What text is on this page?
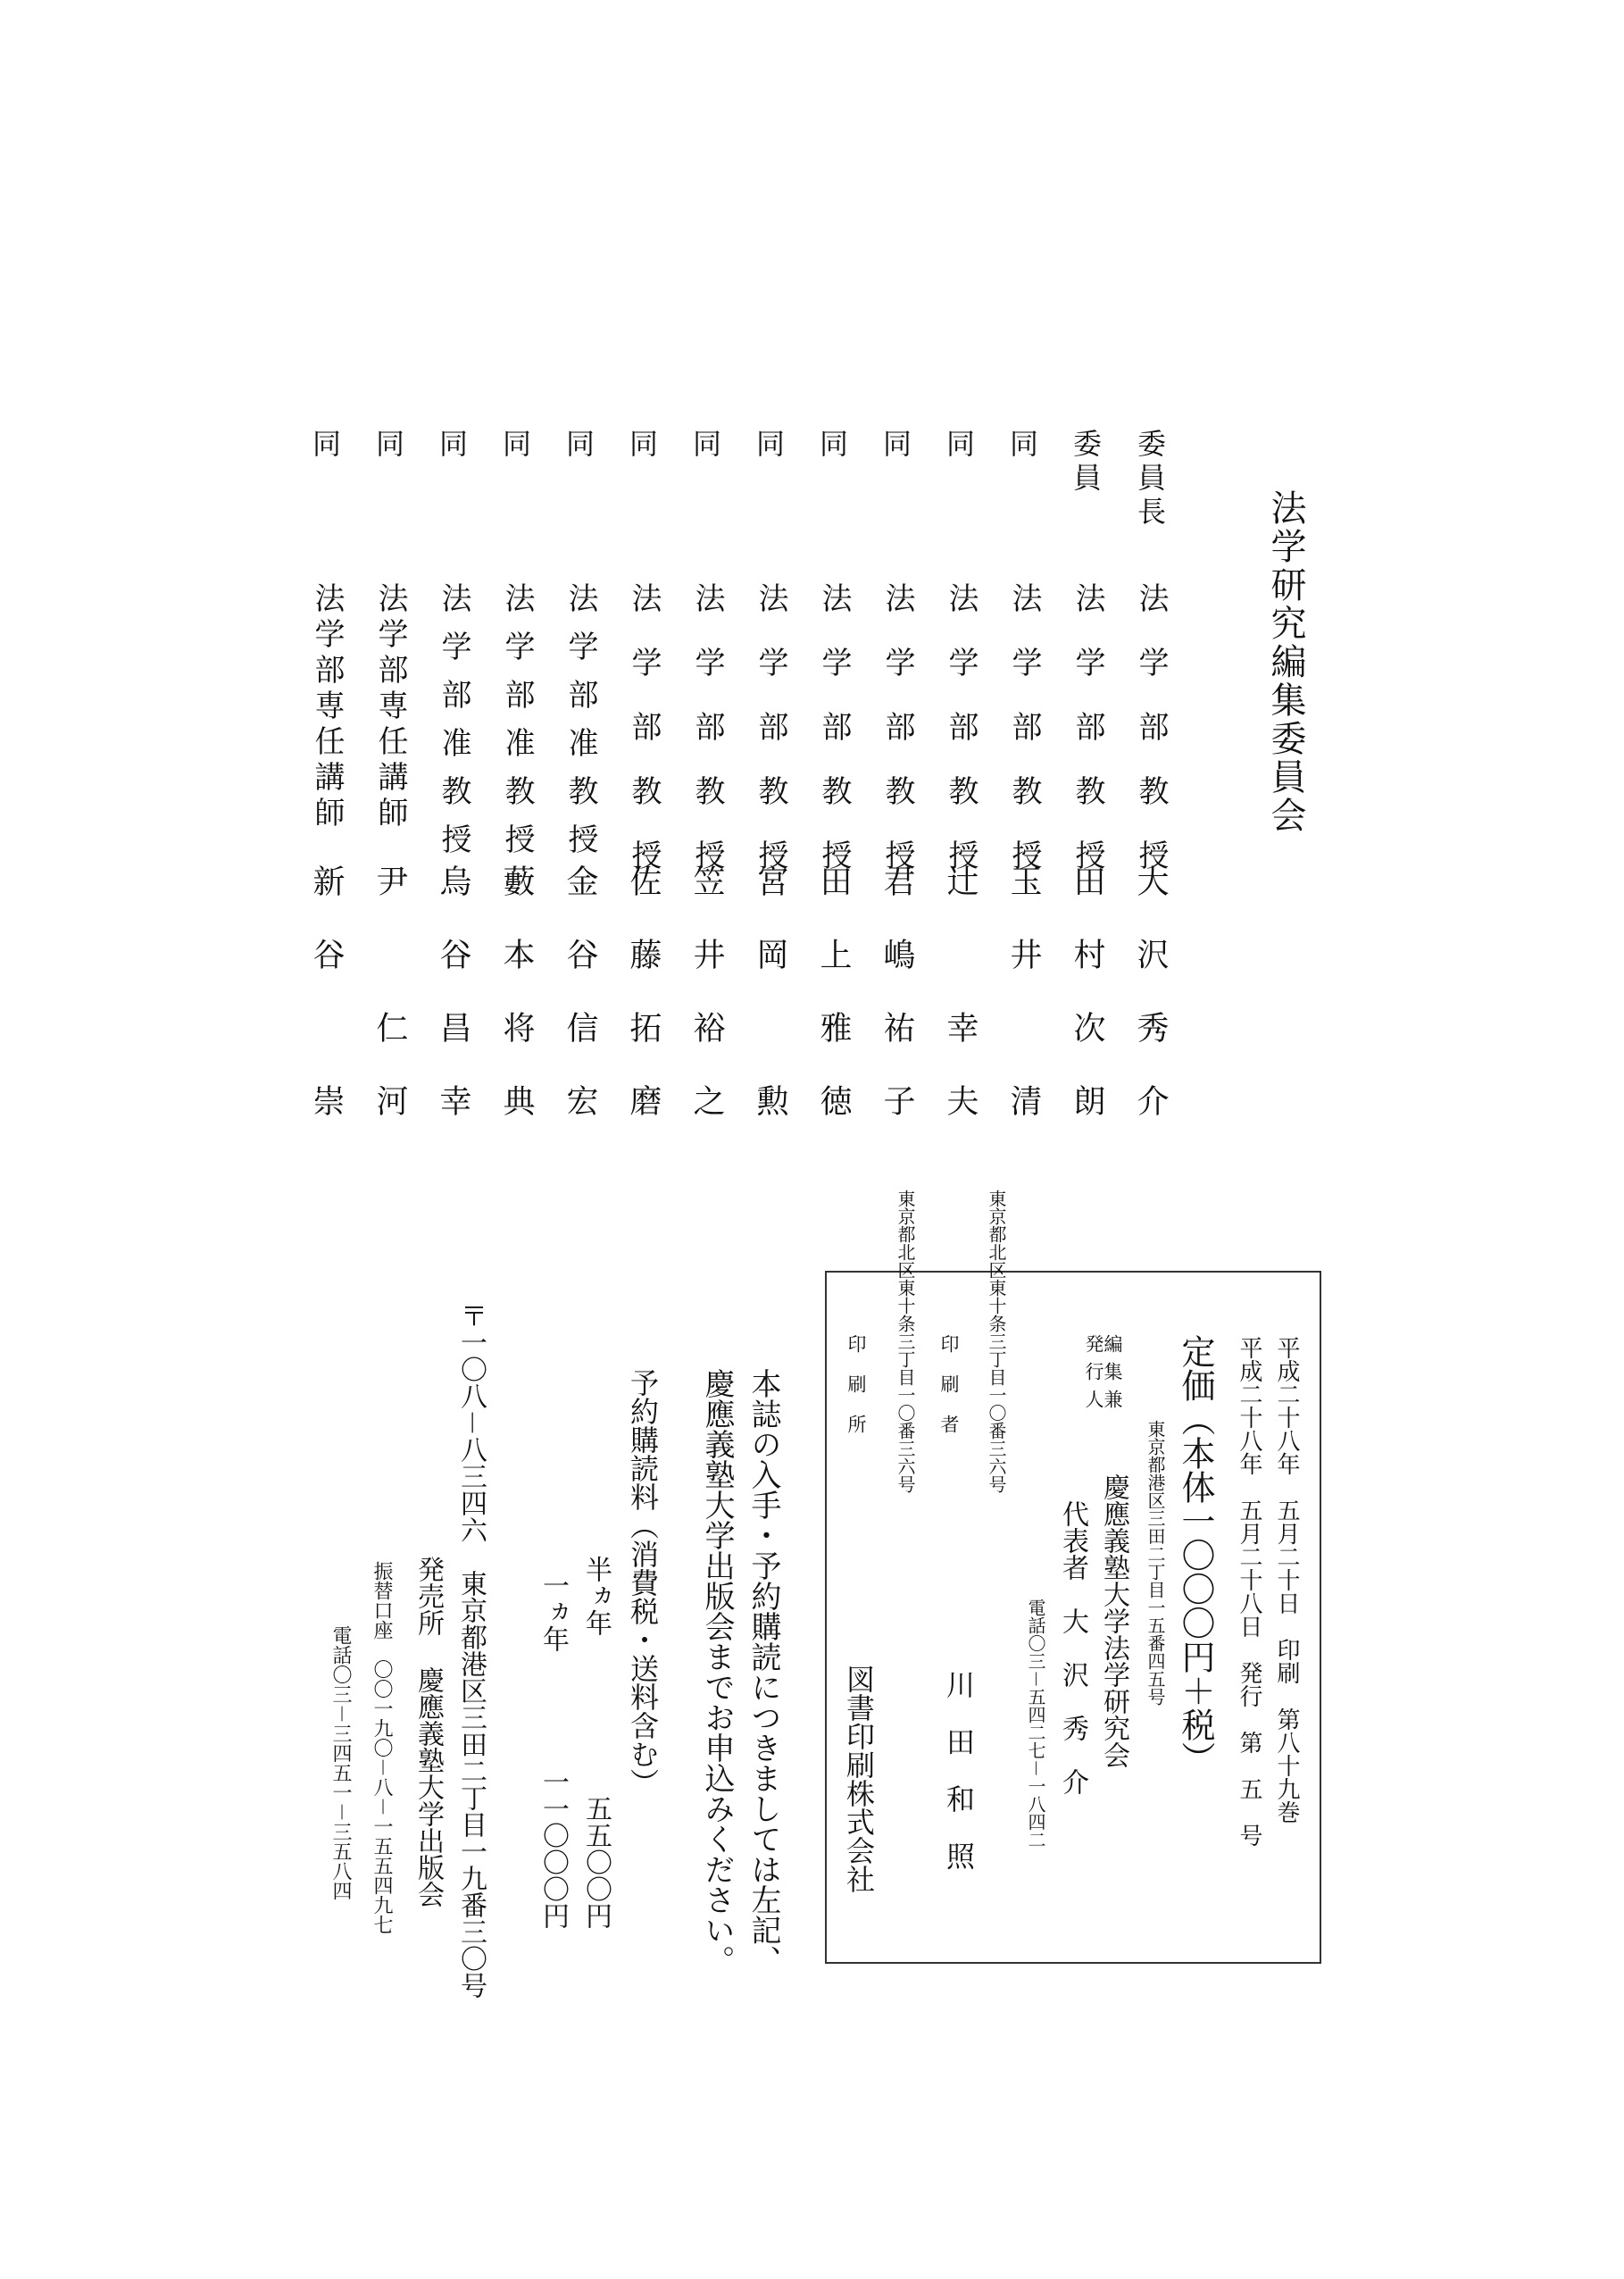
法学研究編集委員会
委員長
委員
同
同
同
同
同
同
同
同
同
同
同
同
法学部教授
法学部教授
法学部教授
法学部教授
法学部教授
法学部教授
法学部教授
法学部教授
法学部教授
法学部准教授
法学部准教授
法学部准教授
法学部専任講師
法学部専任講師
大沢秀介
田村次朗
玉井　清
辻　幸夫
君嶋祐子
田上雅徳
宮岡　勲
笠井裕之
佐藤拓磨
金谷信宏
藪本将典
烏谷昌幸
尹　仁河
新谷　崇
平成二十八年　五月二十日　印刷　第八十九巻
平成二十八年　五月二十八日　発行　第　五　号
定価（本体一〇〇〇円＋税）
東京都港区三田二丁目一五番四五号
編集兼発行人
慶應義塾大学法学研究会
代表者　大　沢　秀　介
電話〇三－五四二七－一八四二
東京都北区東十条三丁目一〇番三六号
印刷者
川　田　和　照
東京都北区東十条三丁目一〇番三六号
印刷所
図書印刷株式会社
本誌の入手・予約購読につきましては左記、
慶應義塾大学出版会までお申込みください。
予約購読料（消費税・送料含む）
半ヵ年
五五〇〇円
一ヵ年
一一〇〇〇円
〒一〇八－八三四六　東京都港区三田二丁目一九番三〇号
発売所
慶應義塾大学出版会
振替口座　〇〇一九〇－八－一五五四九七
電話〇三－三四五一－三五八四
